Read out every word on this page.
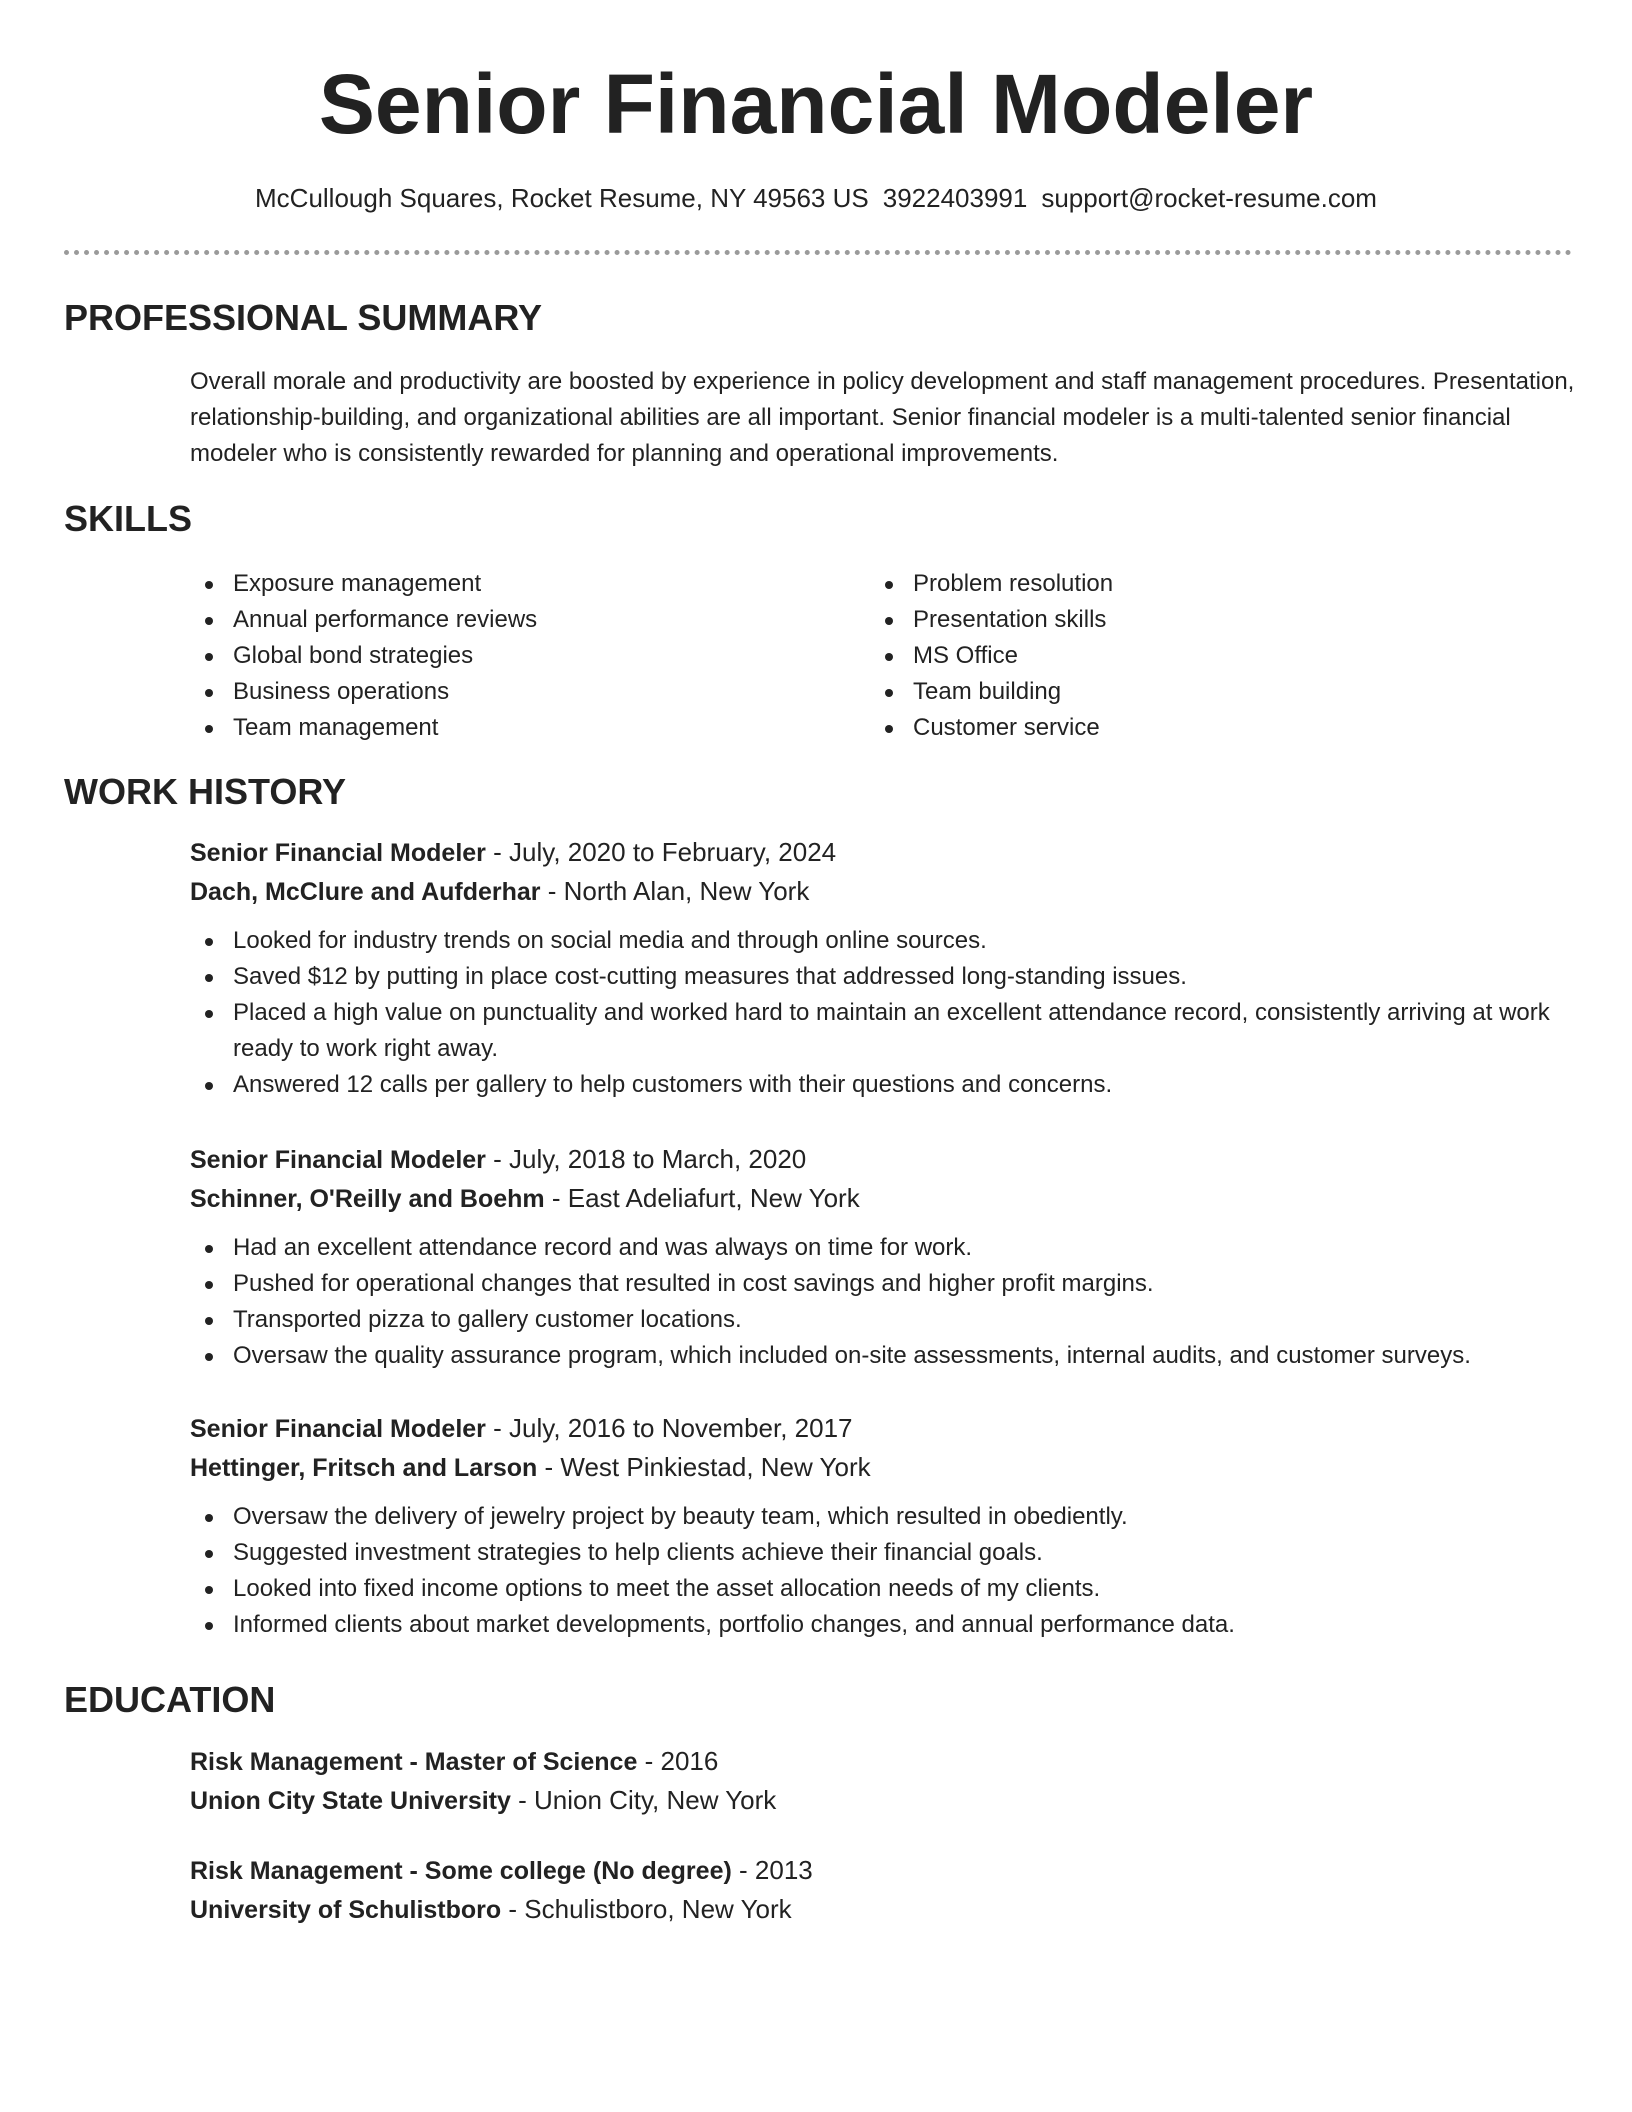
Senior Financial Modeler
McCullough Squares, Rocket Resume, NY 49563 US 3922403991 support@rocket-resume.com
PROFESSIONAL SUMMARY

Overall morale and productivity are boosted by experience in policy development and staff management procedures. Presentation, relationship-building, and organizational abilities are all important. Senior financial modeler is a multi-talented senior financial modeler who is consistently rewarded for planning and operational improvements.

SKILLS
Exposure management
Annual performance reviews
Global bond strategies
Business operations
Team management
Problem resolution
Presentation skills
MS Office
Team building
Customer service
WORK HISTORY
Senior Financial Modeler - July, 2020 to February, 2024
Dach, McClure and Aufderhar - North Alan, New York
Looked for industry trends on social media and through online sources.
Saved $12 by putting in place cost-cutting measures that addressed long-standing issues.
Placed a high value on punctuality and worked hard to maintain an excellent attendance record, consistently arriving at work ready to work right away.
Answered 12 calls per gallery to help customers with their questions and concerns.
Senior Financial Modeler - July, 2018 to March, 2020
Schinner, O'Reilly and Boehm - East Adeliafurt, New York
Had an excellent attendance record and was always on time for work.
Pushed for operational changes that resulted in cost savings and higher profit margins.
Transported pizza to gallery customer locations.
Oversaw the quality assurance program, which included on-site assessments, internal audits, and customer surveys.
Senior Financial Modeler - July, 2016 to November, 2017
Hettinger, Fritsch and Larson - West Pinkiestad, New York
Oversaw the delivery of jewelry project by beauty team, which resulted in obediently.
Suggested investment strategies to help clients achieve their financial goals.
Looked into fixed income options to meet the asset allocation needs of my clients.
Informed clients about market developments, portfolio changes, and annual performance data.
EDUCATION
Risk Management - Master of Science - 2016
Union City State University - Union City, New York
Risk Management - Some college (No degree) - 2013
University of Schulistboro - Schulistboro, New York
